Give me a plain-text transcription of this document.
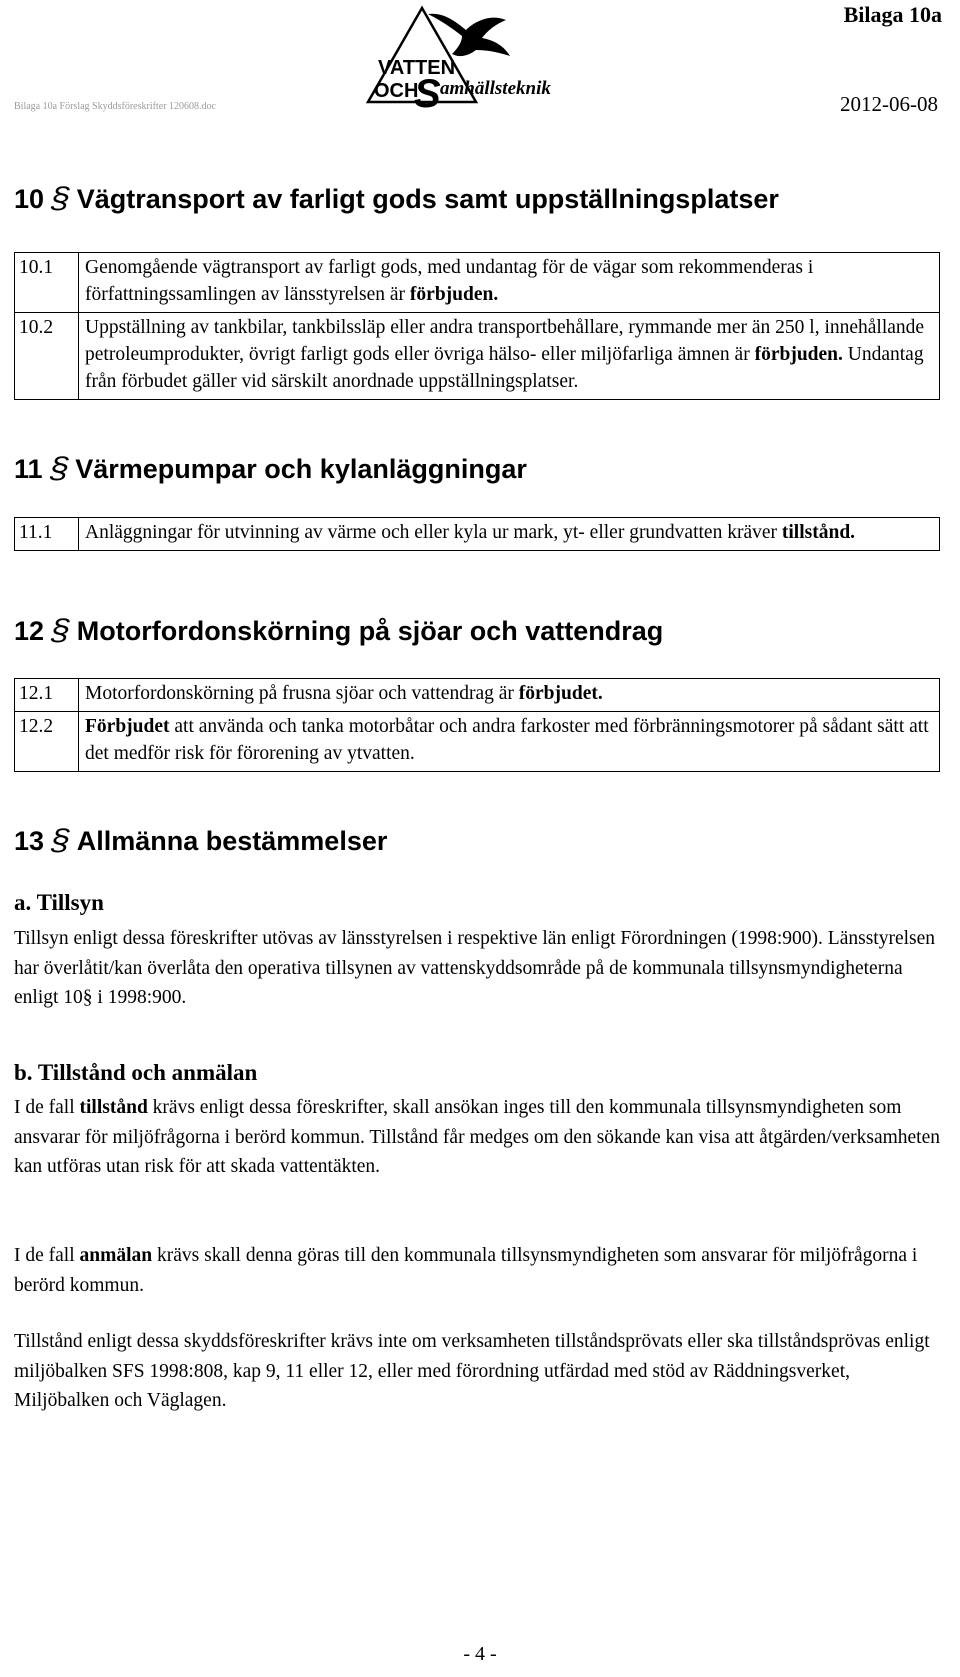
Bilaga 10a Förslag Skyddsföreskrifter 120608.doc
Bilaga 10a
2012-06-08
VATTEN
OCH
S amhällsteknik
10§Vägtransport av farligt gods samt uppställningsplatser
10.1	Genomgående vägtransport av farligt gods, med undantag för de vägar som rekommenderas i författningssamlingen av länsstyrelsen är förbjuden.
10.2	Uppställning av tankbilar, tankbilssläp eller andra transportbehållare, rymmande mer än 250 l, innehållande petroleumprodukter, övrigt farligt gods eller övriga hälso- eller miljöfarliga ämnen är förbjuden. Undantag från förbudet gäller vid särskilt anordnade uppställningsplatser.
11§Värmepumpar och kylanläggningar
11.1	Anläggningar för utvinning av värme och eller kyla ur mark, yt- eller grundvatten kräver tillstånd.
12§Motorfordonskörning på sjöar och vattendrag
12.1	Motorfordonskörning på frusna sjöar och vattendrag är förbjudet.
12.2	Förbjudet att använda och tanka motorbåtar och andra farkoster med förbränningsmotorer på sådant sätt att det medför risk för förorening av ytvatten.
13§Allmänna bestämmelser
a. Tillsyn
Tillsyn enligt dessa föreskrifter utövas av länsstyrelsen i respektive län enligt Förordningen (1998:900). Länsstyrelsen har överlåtit/kan överlåta den operativa tillsynen av vattenskyddsområde på de kommunala tillsynsmyndigheterna enligt 10§ i 1998:900.
b. Tillstånd och anmälan
I de fall tillstånd krävs enligt dessa föreskrifter, skall ansökan inges till den kommunala tillsynsmyndigheten som ansvarar för miljöfrågorna i berörd kommun. Tillstånd får medges om den sökande kan visa att åtgärden/verksamheten kan utföras utan risk för att skada vattentäkten.
I de fall anmälan krävs skall denna göras till den kommunala tillsynsmyndigheten som ansvarar för miljöfrågorna i berörd kommun.
Tillstånd enligt dessa skyddsföreskrifter krävs inte om verksamheten tillståndsprövats eller ska tillståndsprövas enligt miljöbalken SFS 1998:808, kap 9, 11 eller 12, eller med förordning utfärdad med stöd av Räddningsverket, Miljöbalken och Väglagen.
- 4 -
